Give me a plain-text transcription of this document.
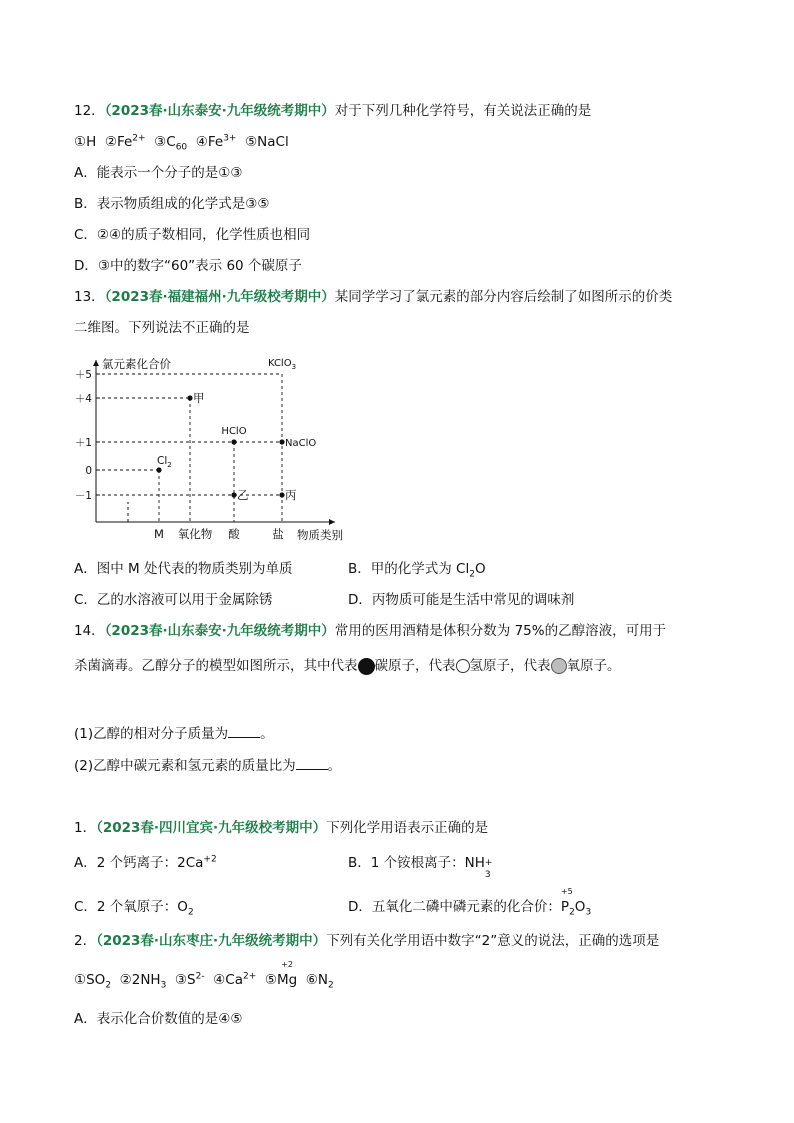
12．（2023春·山东泰安·九年级统考期中）对于下列几种化学符号，有关说法正确的是
①H $②Fe^{2+}$ $③C_{60}$ $④Fe^{3+}$ ⑤NaCl
A．能表示一个分子的是①③
B．表示物质组成的化学式是③⑤
C．②④的质子数相同，化学性质也相同
D．③中的数字“60”表示 60 个碳原子
13．（2023春·福建福州·九年级校考期中）某同学学习了氯元素的部分内容后绘制了如图所示的价类
二维图。下列说法不正确的是
氯元素化合价
物质类别
＋5
＋4
＋1
0
－1
M 氧化物 酸	盐
$Cl_2$
甲
HClO
乙
NaClO
丙
KClO$_3$
A．图中 M 处代表的物质类别为单质	B．甲的化学式为 $Cl_2O$
C．乙的水溶液可以用于金属除锈	D．丙物质可能是生活中常见的调味剂
14．（2023春·山东泰安·九年级统考期中）常用的医用酒精是体积分数为 75%的乙醇溶液，可用于
杀菌滴毒。乙醇分子的模型如图所示，其中代表 碳原子，代表 氢原子，代表 氧原子。
(1)乙醇的相对分子质量为 。
(2)乙醇中碳元素和氢元素的质量比为 。
1．（2023春·四川宜宾·九年级校考期中）下列化学用语表示正确的是
A．2 个钙离子：$2Ca^{+2}$	B．1 个铵根离子：NH +
3
C．2 个氧原子：$O_2$	D．五氧化二磷中磷元素的化合价：
+5
$P_2O_3$
2．（2023春·山东枣庄·九年级统考期中）下列有关化学用语中数字“2”意义的说法，正确的选项是
$①SO_2$ $②2NH_3$ $③S^{2-}$ $④Ca^{2+}$ ⑤
+2
Mg $⑥N_2$
A．表示化合价数值的是④⑤
